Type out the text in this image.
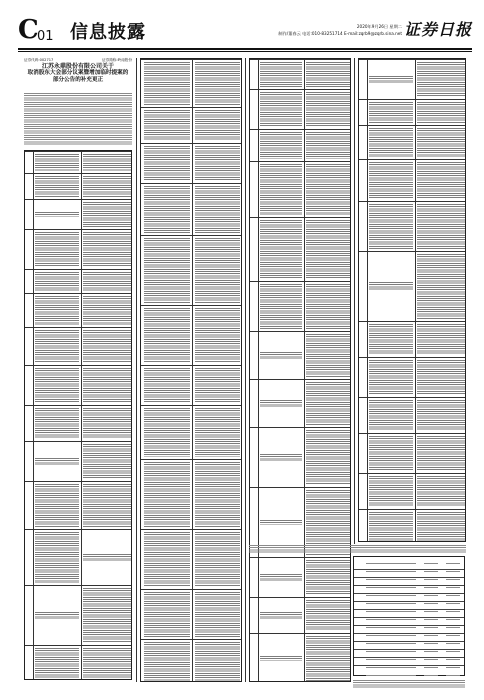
C
01 信息披露	2020年9月26日 星期二
制作/董春云 电话:010-83251714 E-mail:zqrb9@zqrb.sina.net 证券日报
证券代码:002717	证券简称:岭南股份
江苏永鼎股份有限公司关于
取消股东大会部分议案暨增加临时提案的
部分公告的补充更正
